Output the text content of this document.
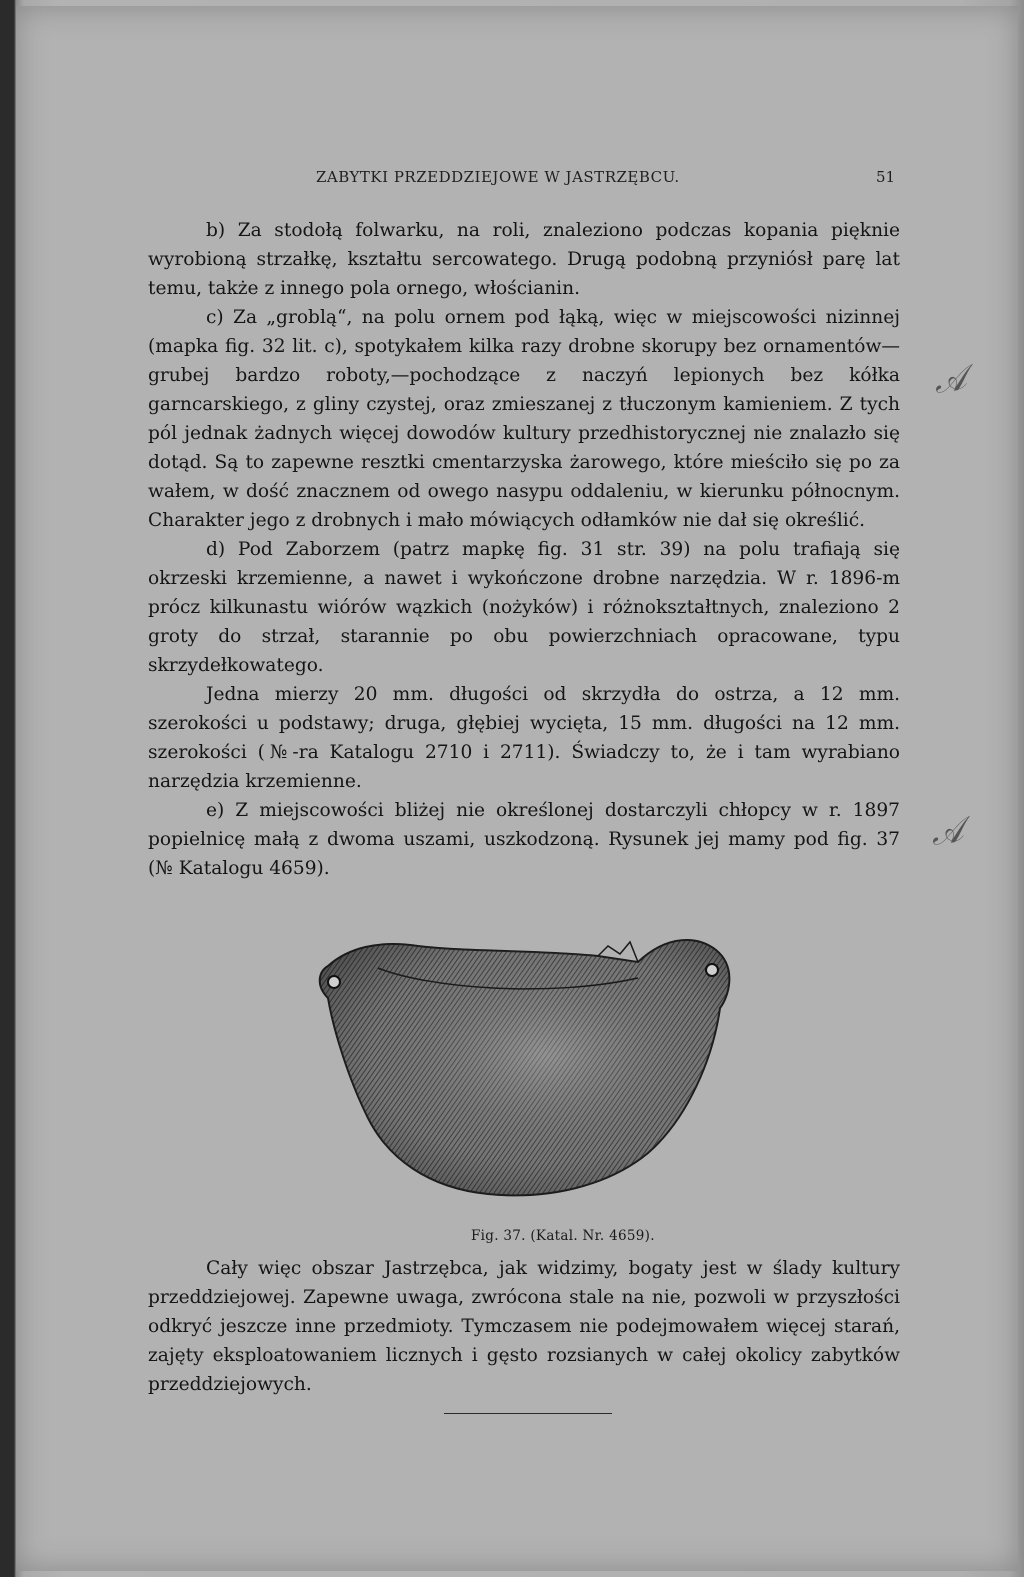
𝒜
𝒜
ZABYTKI PRZEDDZIEJOWE W JASTRZĘBCU.	51

b) Za stodołą folwarku, na roli, znaleziono podczas kopania pięknie wyrobioną strzałkę, kształtu sercowatego. Drugą podobną przyniósł parę lat temu, także z innego pola ornego, włościanin.

c) Za „groblą“, na polu ornem pod łąką, więc w miejscowości nizinnej (mapka fig. 32 lit. c), spotykałem kilka razy drobne skorupy bez ornamentów—grubej bardzo roboty,—pochodzące z naczyń lepionych bez kółka garncarskiego, z gliny czystej, oraz zmieszanej z tłuczonym kamieniem. Z tych pól jednak żadnych więcej dowodów kultury przedhistorycznej nie znalazło się dotąd. Są to zapewne resztki cmentarzyska żarowego, które mieściło się po za wałem, w dość znacznem od owego nasypu oddaleniu, w kierunku północnym. Charakter jego z drobnych i mało mówiących odłamków nie dał się określić.

d) Pod Zaborzem (patrz mapkę fig. 31 str. 39) na polu trafiają się okrzeski krzemienne, a nawet i wykończone drobne narzędzia. W r. 1896-m prócz kilkunastu wiórów wązkich (nożyków) i różnokształtnych, znaleziono 2 groty do strzał, starannie po obu powierzchniach opracowane, typu skrzydełkowatego.

Jedna mierzy 20 mm. długości od skrzydła do ostrza, a 12 mm. szerokości u podstawy; druga, głębiej wycięta, 15 mm. długości na 12 mm. szerokości (№-ra Katalogu 2710 i 2711). Świadczy to, że i tam wyrabiano narzędzia krzemienne.

e) Z miejscowości bliżej nie określonej dostarczyli chłopcy w r. 1897 popielnicę małą z dwoma uszami, uszkodzoną. Rysunek jej mamy pod fig. 37 (№ Katalogu 4659).

Fig. 37. (Katal. Nr. 4659).

Cały więc obszar Jastrzębca, jak widzimy, bogaty jest w ślady kultury przeddziejowej. Zapewne uwaga, zwrócona stale na nie, pozwoli w przyszłości odkryć jeszcze inne przedmioty. Tymczasem nie podejmowałem więcej starań, zajęty eksploatowaniem licznych i gęsto rozsianych w całej okolicy zabytków przeddziejowych.
